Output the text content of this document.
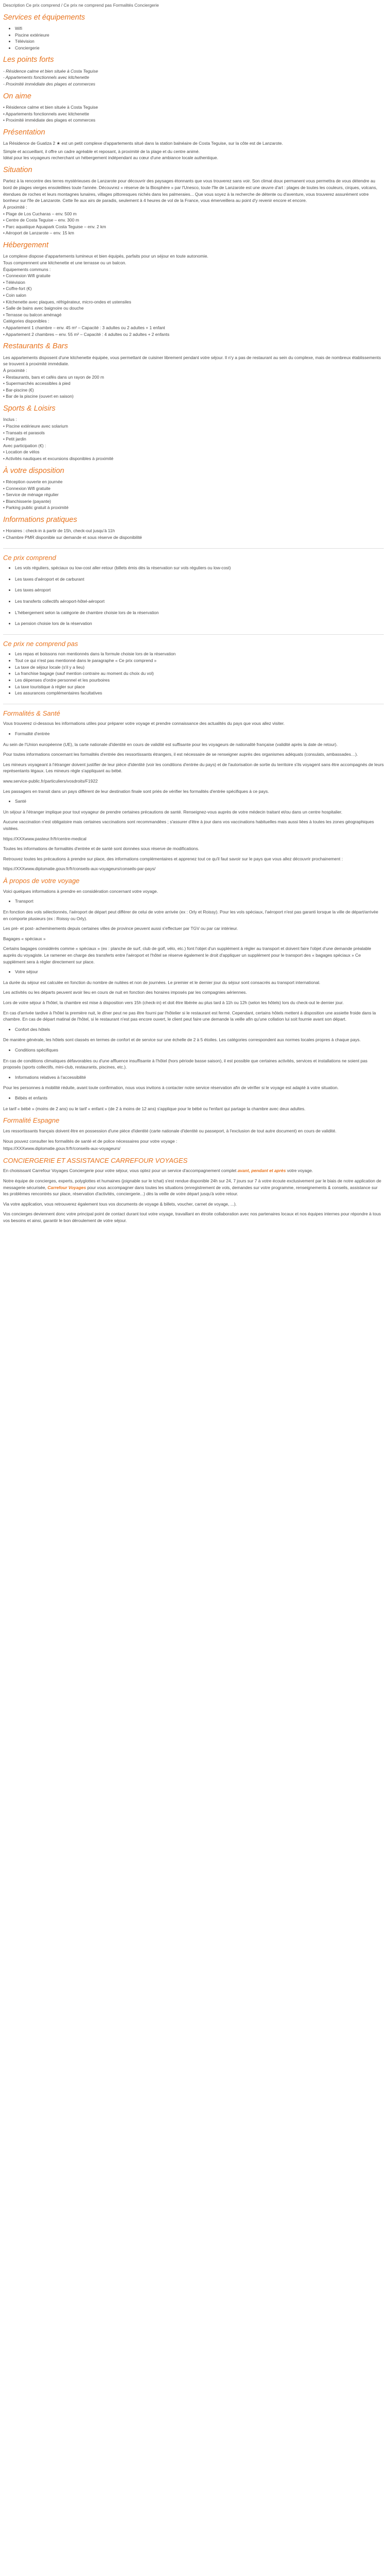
Description Ce prix comprend / Ce prix ne comprend pas Formalités Conciergerie
Services et équipements
• Wifi
• Piscine extérieure
• Télévision
• Conciergerie
Les points forts
- Résidence calme et bien située à Costa Teguise
- Appartements fonctionnels avec kitchenette
- Proximité immédiate des plages et commerces
On aime
• Résidence calme et bien située à Costa Teguise
• Appartements fonctionnels avec kitchenette
• Proximité immédiate des plages et commerces
Présentation

La Résidence de Guatiza 2 ★ est un petit complexe d'appartements situé dans la station balnéaire de Costa Teguise, sur la côte est de Lanzarote.

Simple et accueillant, il offre un cadre agréable et reposant, à proximité de la plage et du centre animé.

Idéal pour les voyageurs recherchant un hébergement indépendant au cœur d'une ambiance locale authentique.

Situation

Partez à la rencontre des terres mystérieuses de Lanzarote pour découvrir des paysages étonnants que vous trouverez sans voir. Son climat doux permanent vous permettra de vous détendre au bord de plages vierges ensoleillées toute l'année. Découvrez « réserve de la Biosphère » par l'Unesco, toute l'île de Lanzarote est une œuvre d'art : plages de toutes les couleurs, cirques, volcans, étendues de roches et leurs montagnes lunaires, villages pittoresques nichés dans les palmeraies... Que vous soyez à la recherche de détente ou d'aventure, vous trouverez assurément votre bonheur sur l'île de Lanzarote. Cette île aux airs de paradis, seulement à 4 heures de vol de la France, vous émerveillera au point d'y revenir encore et encore.

À proximité :
• Plage de Los Cucharas – env. 500 m
• Centre de Costa Teguise – env. 300 m
• Parc aquatique Aquapark Costa Teguise – env. 2 km
• Aéroport de Lanzarote – env. 15 km
Hébergement
Le complexe dispose d'appartements lumineux et bien équipés, parfaits pour un séjour en toute autonomie.
Tous comprennent une kitchenette et une terrasse ou un balcon.
Équipements communs :
• Connexion Wifi gratuite
• Télévision
• Coffre-fort (€)
• Coin salon
• Kitchenette avec plaques, réfrigérateur, micro-ondes et ustensiles
• Salle de bains avec baignoire ou douche
• Terrasse ou balcon aménagé
Catégories disponibles :
• Appartement 1 chambre – env. 45 m² – Capacité : 3 adultes ou 2 adultes + 1 enfant
• Appartement 2 chambres – env. 55 m² – Capacité : 4 adultes ou 2 adultes + 2 enfants
Restaurants & Bars

Les appartements disposent d'une kitchenette équipée, vous permettant de cuisiner librement pendant votre séjour. Il n'y a pas de restaurant au sein du complexe, mais de nombreux établissements se trouvent à proximité immédiate.

À proximité :
• Restaurants, bars et cafés dans un rayon de 200 m
• Supermarchés accessibles à pied
• Bar-piscine (€)
• Bar de la piscine (ouvert en saison)
Sports & Loisirs
Inclus :
• Piscine extérieure avec solarium
• Transats et parasols
• Petit jardin
Avec participation (€) :
• Location de vélos
• Activités nautiques et excursions disponibles à proximité
À votre disposition
• Réception ouverte en journée
• Connexion Wifi gratuite
• Service de ménage régulier
• Blanchisserie (payante)
• Parking public gratuit à proximité
Informations pratiques
• Horaires : check-in à partir de 15h, check-out jusqu'à 11h
• Chambre PMR disponible sur demande et sous réserve de disponibilité
Ce prix comprend
• Les vols réguliers, spéciaux ou low-cost aller-retour (billets émis dès la réservation sur vols réguliers ou low-cost)
• Les taxes d'aéroport et de carburant
• Les taxes aéroport
• Les transferts collectifs aéroport-hôtel-aéroport
• L'hébergement selon la catégorie de chambre choisie lors de la réservation
• La pension choisie lors de la réservation
Ce prix ne comprend pas
• Les repas et boissons non mentionnés dans la formule choisie lors de la réservation
• Tout ce qui n'est pas mentionné dans le paragraphe « Ce prix comprend »
• La taxe de séjour locale (s'il y a lieu)
• La franchise bagage (sauf mention contraire au moment du choix du vol)
• Les dépenses d'ordre personnel et les pourboires
• La taxe touristique à régler sur place
• Les assurances complémentaires facultatives
Formalités & Santé

Vous trouverez ci-dessous les informations utiles pour préparer votre voyage et prendre connaissance des actualités du pays que vous allez visiter.

• Formalité d'entrée

Au sein de l'Union européenne (UE), la carte nationale d'identité en cours de validité est suffisante pour les voyageurs de nationalité française (validité après la date de retour).

Pour toutes informations concernant les formalités d'entrée des ressortissants étrangers, il est nécessaire de se renseigner auprès des organismes adéquats (consulats, ambassades…).

Les mineurs voyageant à l'étranger doivent justifier de leur pièce d'identité (voir les conditions d'entrée du pays) et de l'autorisation de sortie du territoire s'ils voyagent sans être accompagnés de leurs représentants légaux. Les mineurs règle s'appliquant au bébé.

www.service-public.fr/particuliers/vosdroits/F1922

Les passagers en transit dans un pays différent de leur destination finale sont priés de vérifier les formalités d'entrée spécifiques à ce pays.

• Santé

Un séjour à l'étranger implique pour tout voyageur de prendre certaines précautions de santé. Renseignez-vous auprès de votre médecin traitant et/ou dans un centre hospitalier.

Aucune vaccination n'est obligatoire mais certaines vaccinations sont recommandées ; s'assurer d'être à jour dans vos vaccinations habituelles mais aussi liées à toutes les zones géographiques visitées.

https://XXXwww.pasteur.fr/fr/centre-medical

Toutes les informations de formalités d'entrée et de santé sont données sous réserve de modifications.

Retrouvez toutes les précautions à prendre sur place, des informations complémentaires et apprenez tout ce qu'il faut savoir sur le pays que vous allez découvrir prochainement :

https://XXXwww.diplomatie.gouv.fr/fr/conseils-aux-voyageurs/conseils-par-pays/

À propos de votre voyage

Voici quelques informations à prendre en considération concernant votre voyage.

• Transport

En fonction des vols sélectionnés, l'aéroport de départ peut différer de celui de votre arrivée (ex : Orly et Roissy). Pour les vols spéciaux, l'aéroport n'est pas garanti lorsque la ville de départ/arrivée en comporte plusieurs (ex : Roissy ou Orly).

Les pré- et post- acheminements depuis certaines villes de province peuvent aussi s'effectuer par TGV ou par car intérieur.

Bagages « spéciaux »

Certains bagages considérés comme « spéciaux » (ex : planche de surf, club de golf, vélo, etc.) font l'objet d'un supplément à régler au transport et doivent faire l'objet d'une demande préalable auprès du voyagiste. Le ramener en charge des transferts entre l'aéroport et l'hôtel se réserve également le droit d'appliquer un supplément pour le transport des « bagages spéciaux » Ce supplément sera à régler directement sur place.

• Votre séjour

La durée du séjour est calculée en fonction du nombre de nuitées et non de journées. Le premier et le dernier jour du séjour sont consacrés au transport international.

Les activités ou les départs peuvent avoir lieu en cours de nuit en fonction des horaires imposés par les compagnies aériennes.

Lors de votre séjour à l'hôtel, la chambre est mise à disposition vers 15h (check-in) et doit être libérée au plus tard à 11h ou 12h (selon les hôtels) lors du check-out le dernier jour.

En cas d'arrivée tardive à l'hôtel la première nuit, le dîner peut ne pas être fourni par l'hôtelier si le restaurant est fermé. Cependant, certains hôtels mettent à disposition une assiette froide dans la chambre. En cas de départ matinal de l'hôtel, si le restaurant n'est pas encore ouvert, le client peut faire une demande la veille afin qu'une collation lui soit fournie avant son départ.

• Confort des hôtels

De manière générale, les hôtels sont classés en termes de confort et de service sur une échelle de 2 à 5 étoiles. Les catégories correspondent aux normes locales propres à chaque pays.

• Conditions spécifiques

En cas de conditions climatiques défavorables ou d'une affluence insuffisante à l'hôtel (hors période basse saison), il est possible que certaines activités, services et installations ne soient pas proposés (sports collectifs, mini-club, restaurants, piscines, etc.).

• Informations relatives à l'accessibilité

Pour les personnes à mobilité réduite, avant toute confirmation, nous vous invitons à contacter notre service réservation afin de vérifier si le voyage est adapté à votre situation.

• Bébés et enfants

Le tarif « bébé » (moins de 2 ans) ou le tarif « enfant » (de 2 à moins de 12 ans) s'applique pour le bébé ou l'enfant qui partage la chambre avec deux adultes.

Formalité Espagne

Les ressortissants français doivent être en possession d'une pièce d'identité (carte nationale d'identité ou passeport, à l'exclusion de tout autre document) en cours de validité.

Nous pouvez consulter les formalités de santé et de police nécessaires pour votre voyage :

https://XXXwww.diplomatie.gouv.fr/fr/conseils-aux-voyageurs/

CONCIERGERIE ET ASSISTANCE CARREFOUR VOYAGES

En choisissant Carrefour Voyages Conciergerie pour votre séjour, vous optez pour un service d'accompagnement complet avant, pendant et après votre voyage.

Notre équipe de concierges, experts, polyglottes et humaines (joignable sur le tchat) s'est rendue disponible 24h sur 24, 7 jours sur 7 à votre écoute exclusivement par le biais de notre application de messagerie sécurisée, Carrefour Voyages pour vous accompagner dans toutes les situations (enregistrement de vols, demandes sur votre programme, renseignements & conseils, assistance sur les problèmes rencontrés sur place, réservation d'activités, conciergerie...) dès la veille de votre départ jusqu'à votre retour.

Via votre application, vous retrouverez également tous vos documents de voyage & billets, voucher, carnet de voyage, ...).

Vos concierges deviennent donc votre principal point de contact durant tout votre voyage, travaillant en étroite collaboration avec nos partenaires locaux et nos équipes internes pour répondre à tous vos besoins et ainsi, garantir le bon déroulement de votre séjour.
